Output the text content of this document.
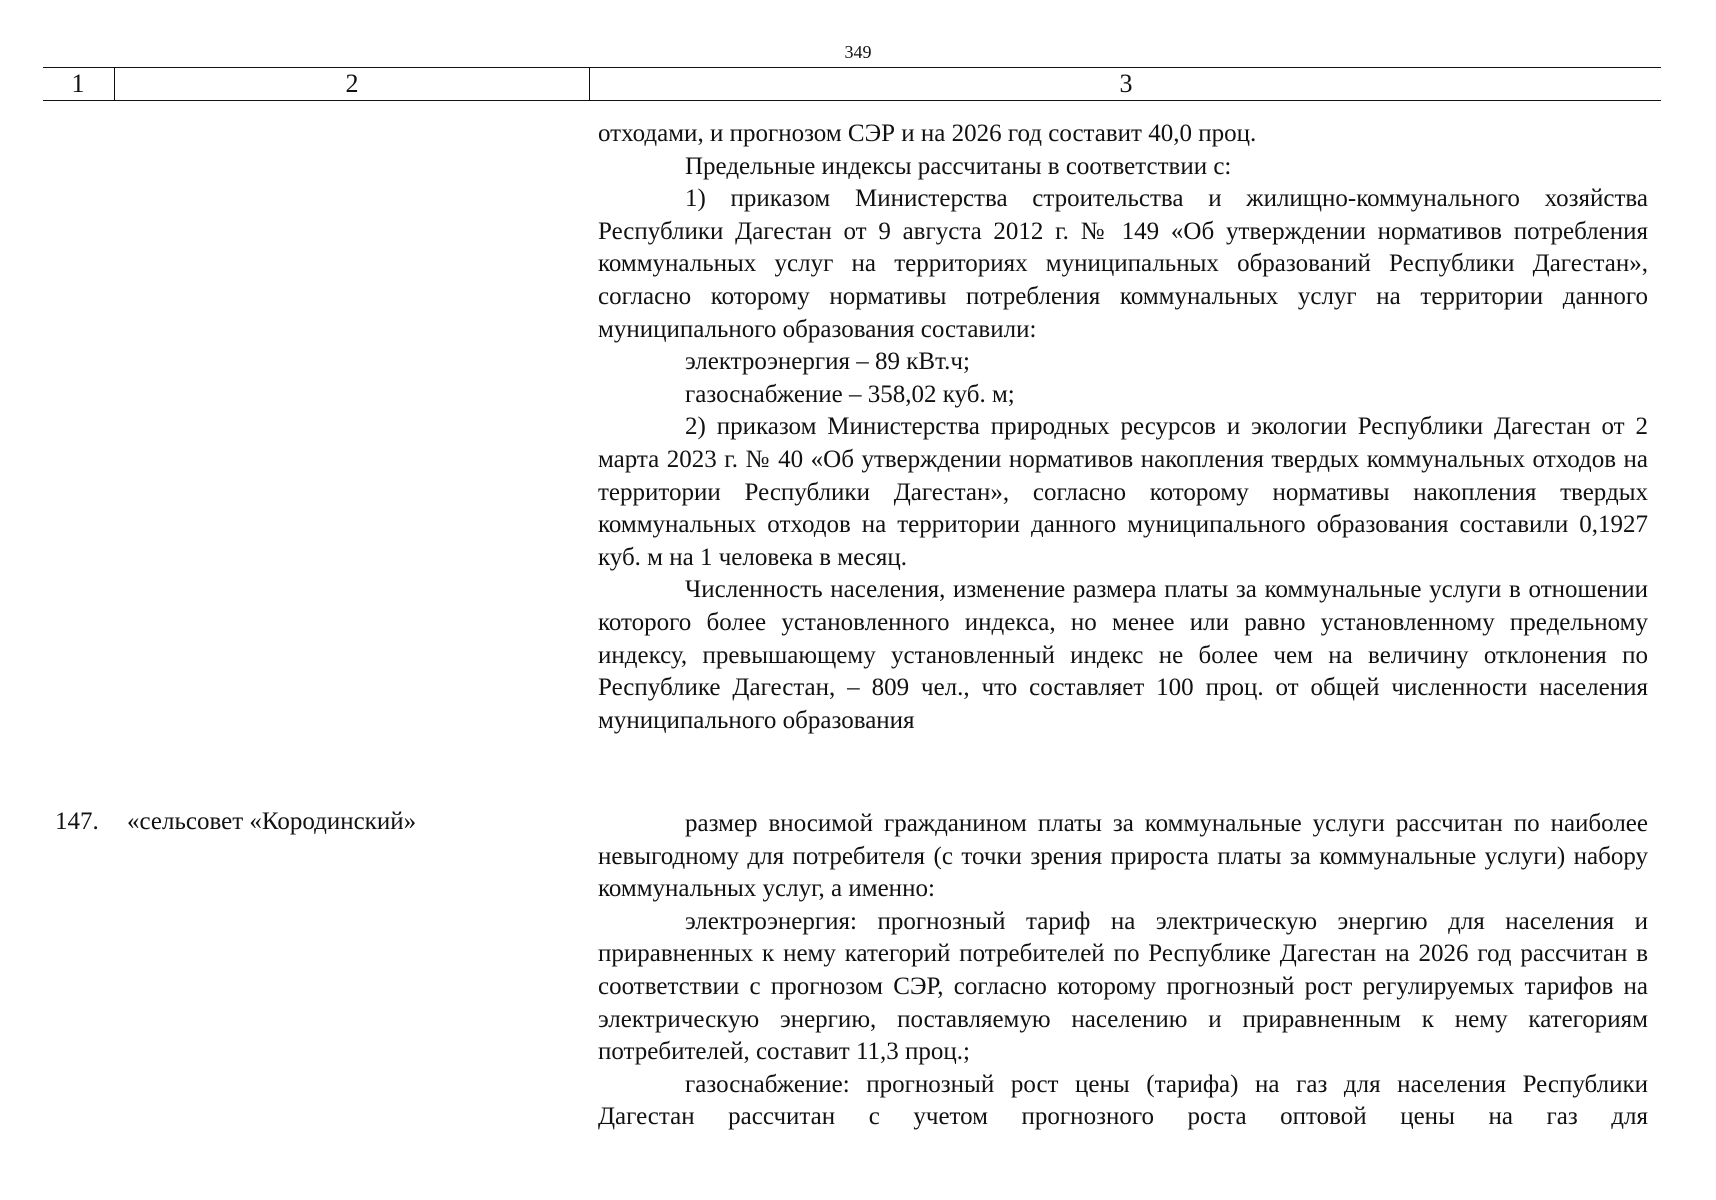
349
1	2	3

отходами, и прогнозом СЭР и на 2026 год составит 40,0 проц.

Предельные индексы рассчитаны в соответствии с:

1) приказом Министерства строительства и жилищно-коммунального хозяйства Республики Дагестан от 9 августа 2012 г. № 149 «Об утверждении нормативов потребления коммунальных услуг на территориях муниципальных образований Республики Дагестан», согласно которому нормативы потребления коммунальных услуг на территории данного муниципального образования составили:

электроэнергия – 89 кВт.ч;

газоснабжение – 358,02 куб. м;

2) приказом Министерства природных ресурсов и экологии Республики Дагестан от 2 марта 2023 г. № 40 «Об утверждении нормативов накопления твердых коммунальных отходов на территории Республики Дагестан», согласно которому нормативы накопления твердых коммунальных отходов на территории данного муниципального образования составили 0,1927 куб. м на 1 человека в месяц.

Численность населения, изменение размера платы за коммунальные услуги в отношении которого более установленного индекса, но менее или равно установленному предельному индексу, превышающему установленный индекс не более чем на величину отклонения по Республике Дагестан, – 809 чел., что составляет 100 проц. от общей численности населения муниципального образования

147. «сельсовет «Кородинский»	размер вносимой гражданином платы за коммунальные услуги рассчитан по наиболее невыгодному для потребителя (с точки зрения прироста платы за коммунальные услуги) набору коммунальных услуг, а именно:

электроэнергия: прогнозный тариф на электрическую энергию для населения и приравненных к нему категорий потребителей по Республике Дагестан на 2026 год рассчитан в соответствии с прогнозом СЭР, согласно которому прогнозный рост регулируемых тарифов на электрическую энергию, поставляемую населению и приравненным к нему категориям потребителей, составит 11,3 проц.;

газоснабжение: прогнозный рост цены (тарифа) на газ для населения Республики Дагестан рассчитан с учетом прогнозного роста оптовой цены на газ для
